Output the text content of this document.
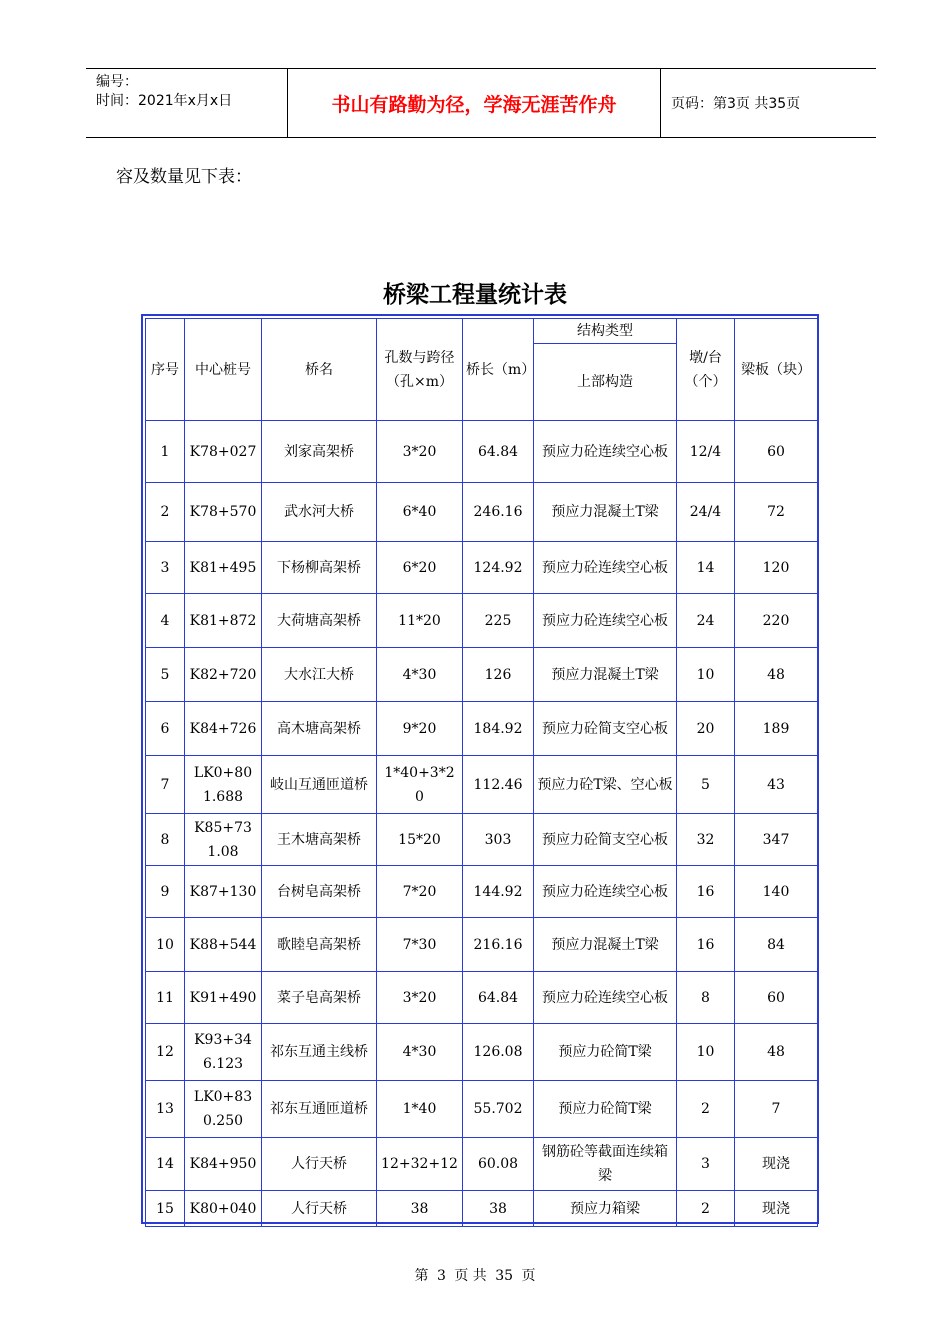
编号：
时间：2021年x月x日	书山有路勤为径，学海无涯苦作舟	页码：第3页 共35页
容及数量见下表：
桥梁工程量统计表
序号	中心桩号	桥名	孔数与跨径（孔×m）	桥长（m）	结构类型	墩/台（个）	梁板（块）
					上部构造		
1	K78+027	刘家高架桥	3*20	64.84	预应力砼连续空心板	12/4	60
2	K78+570	武水河大桥	6*40	246.16	预应力混凝土T梁	24/4	72
3	K81+495	下杨柳高架桥	6*20	124.92	预应力砼连续空心板	14	120
4	K81+872	大荷塘高架桥	11*20	225	预应力砼连续空心板	24	220
5	K82+720	大水江大桥	4*30	126	预应力混凝土T梁	10	48
6	K84+726	高木塘高架桥	9*20	184.92	预应力砼简支空心板	20	189
7	LK0+801.688	岐山互通匝道桥	1*40+3*20	112.46	预应力砼T梁、空心板	5	43
8	K85+731.08	王木塘高架桥	15*20	303	预应力砼简支空心板	32	347
9	K87+130	台树皂高架桥	7*20	144.92	预应力砼连续空心板	16	140
10	K88+544	歌睦皂高架桥	7*30	216.16	预应力混凝土T梁	16	84
11	K91+490	菜子皂高架桥	3*20	64.84	预应力砼连续空心板	8	60
12	K93+346.123	祁东互通主线桥	4*30	126.08	预应力砼简T梁	10	48
13	LK0+830.250	祁东互通匝道桥	1*40	55.702	预应力砼简T梁	2	7
14	K84+950	人行天桥	12+32+12	60.08	钢筋砼等截面连续箱梁	3	现浇
15	K80+040	人行天桥	38	38	预应力箱梁	2	现浇
第 3 页 共 35 页
